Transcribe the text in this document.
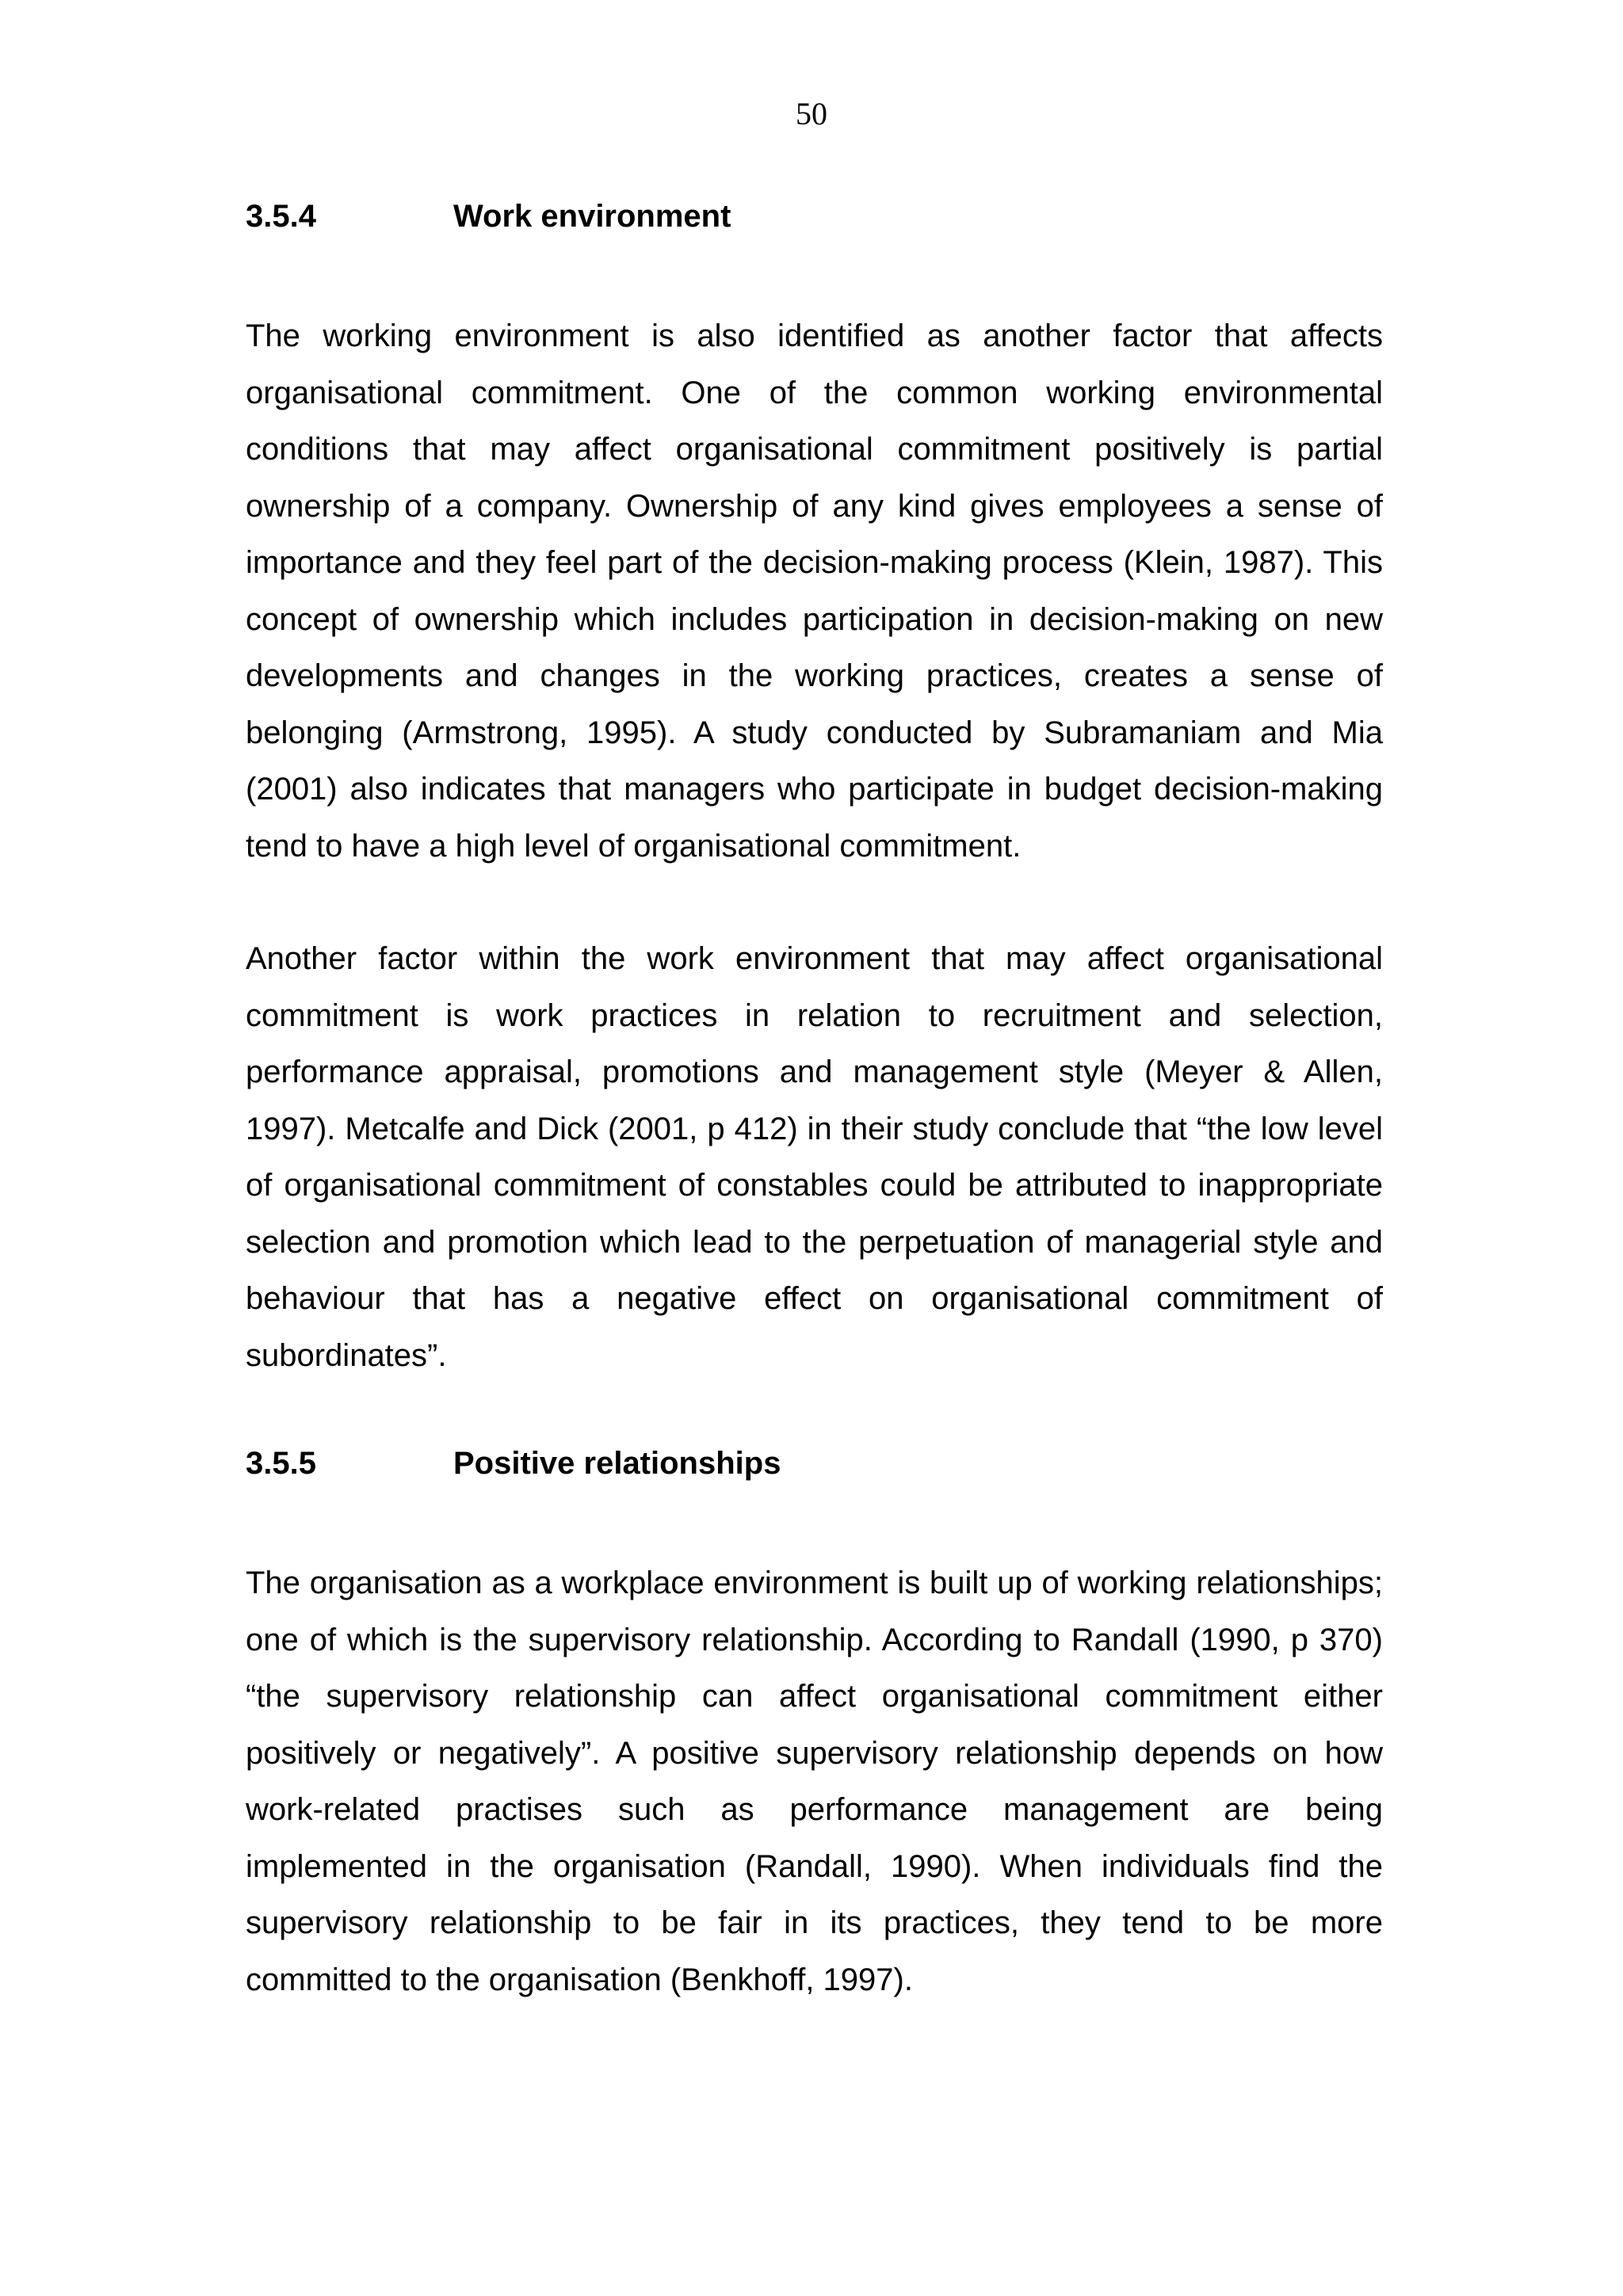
50
3.5.4	Work environment

The working environment is also identified as another factor that affects organisational commitment. One of the common working environmental conditions that may affect organisational commitment positively is partial ownership of a company. Ownership of any kind gives employees a sense of importance and they feel part of the decision-making process (Klein, 1987). This concept of ownership which includes participation in decision-making on new developments and changes in the working practices, creates a sense of belonging (Armstrong, 1995). A study conducted by Subramaniam and Mia (2001) also indicates that managers who participate in budget decision-making tend to have a high level of organisational commitment.

Another factor within the work environment that may affect organisational commitment is work practices in relation to recruitment and selection, performance appraisal, promotions and management style (Meyer & Allen, 1997). Metcalfe and Dick (2001, p 412) in their study conclude that “the low level of organisational commitment of constables could be attributed to inappropriate selection and promotion which lead to the perpetuation of managerial style and behaviour that has a negative effect on organisational commitment of subordinates”.

3.5.5	Positive relationships

The organisation as a workplace environment is built up of working relationships; one of which is the supervisory relationship. According to Randall (1990, p 370) “the supervisory relationship can affect organisational commitment either positively or negatively”. A positive supervisory relationship depends on how work-related practises such as performance management are being implemented in the organisation (Randall, 1990). When individuals find the supervisory relationship to be fair in its practices, they tend to be more committed to the organisation (Benkhoff, 1997).
